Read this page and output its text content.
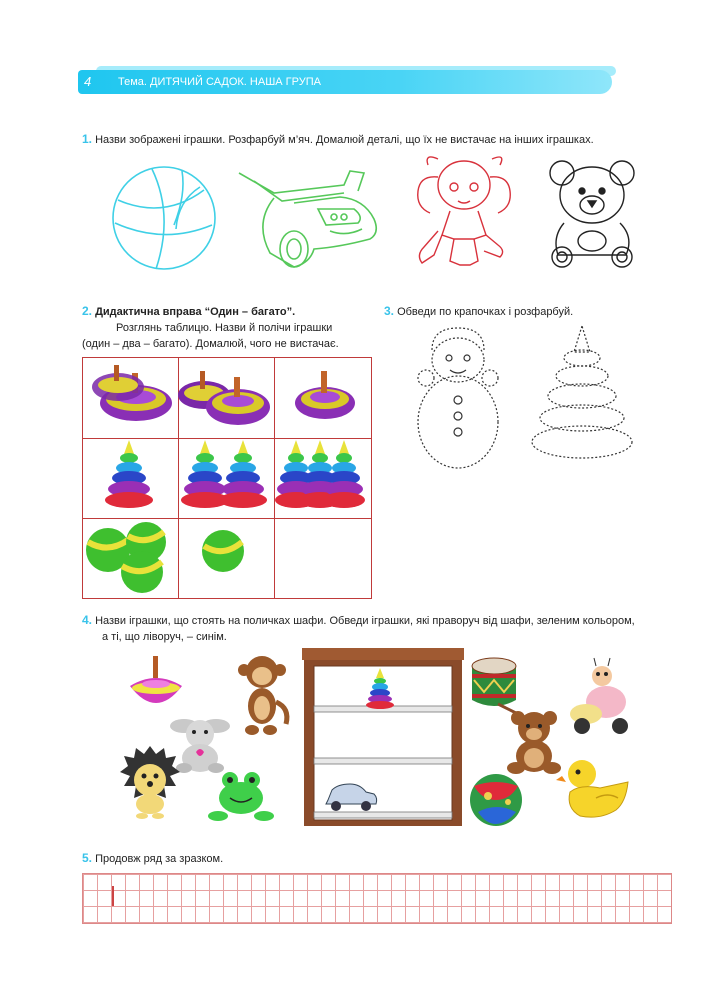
4 Тема. ДИТЯЧИЙ САДОК. НАША ГРУПА
1. Назви зображені іграшки. Розфарбуй м’яч. Домалюй деталі, що їх не вистачає на інших іграшках.
2. Дидактична вправа “Один – багато”.
Розглянь таблицю. Назви й полічи іграшки
(один – два – багато). Домалюй, чого не вистачає.
3. Обведи по крапочках і розфарбуй.
4. Назви іграшки, що стоять на поличках шафи. Обведи іграшки, які праворуч від шафи, зеленим кольором,
а ті, що ліворуч, – синім.
5. Продовж ряд за зразком.
